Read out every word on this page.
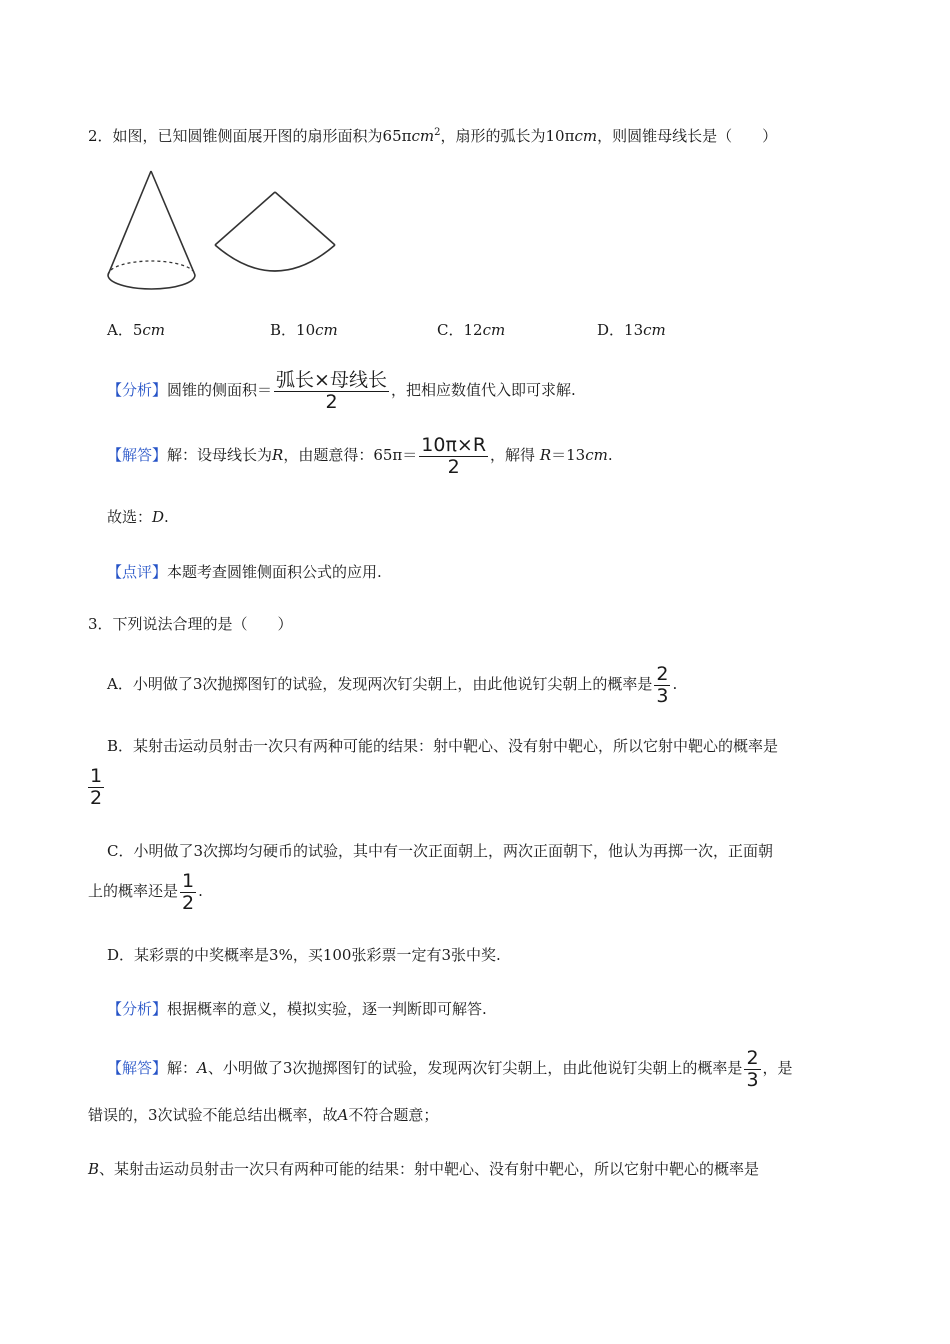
2．如图，已知圆锥侧面展开图的扇形面积为65πcm$^2$，扇形的弧长为10πcm，则圆锥母线长是（　　）
A．5cm	B．10cm	C．12cm	D．13cm
【分析】圆锥的侧面积＝ $\frac{\text{弧长×母线长}}{2}$ ，把相应数值代入即可求解.
【解答】解：设母线长为R，由题意得：$65\pi= \frac{10\pi\times R}{2}$ ，解得 R＝13cm.
故选：D.
【点评】本题考查圆锥侧面积公式的应用.
3．下列说法合理的是（　　）
A．小明做了3次抛掷图钉的试验，发现两次钉尖朝上，由此他说钉尖朝上的概率是 $\frac{2}{3}$ .
B．某射击运动员射击一次只有两种可能的结果：射中靶心、没有射中靶心，所以它射中靶心的概率是
$\frac{1}{2}$
C．小明做了3次掷均匀硬币的试验，其中有一次正面朝上，两次正面朝下，他认为再掷一次，正面朝
上的概率还是 $\frac{1}{2}$ .
D．某彩票的中奖概率是3%，买100张彩票一定有3张中奖.
【分析】根据概率的意义，模拟实验，逐一判断即可解答.
【解答】解：A、小明做了3次抛掷图钉的试验，发现两次钉尖朝上，由此他说钉尖朝上的概率是 $\frac{2}{3}$ ，是
错误的，3次试验不能总结出概率，故A不符合题意；
B、某射击运动员射击一次只有两种可能的结果：射中靶心、没有射中靶心，所以它射中靶心的概率是
